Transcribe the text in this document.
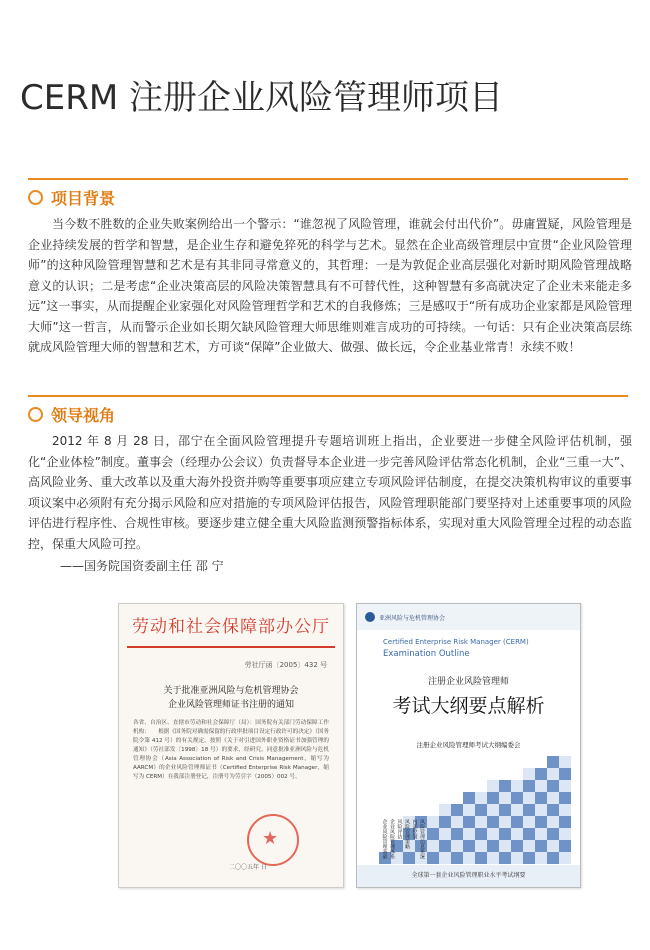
CERM 注册企业风险管理师项目
项目背景

当今数不胜数的企业失败案例给出一个警示：“谁忽视了风险管理，谁就会付出代价”。毋庸置疑，风险管理是企业持续发展的哲学和智慧，是企业生存和避免猝死的科学与艺术。显然在企业高级管理层中宣贯“企业风险管理师”的这种风险管理智慧和艺术是有其非同寻常意义的，其哲理：一是为敦促企业高层强化对新时期风险管理战略意义的认识；二是考虑“企业决策高层的风险决策智慧具有不可替代性，这种智慧有多高就决定了企业未来能走多远”这一事实，从而提醒企业家强化对风险管理哲学和艺术的自我修炼；三是感叹于“所有成功企业家都是风险管理大师”这一哲言，从而警示企业如长期欠缺风险管理大师思维则难言成功的可持续。一句话：只有企业决策高层练就成风险管理大师的智慧和艺术，方可谈“保障”企业做大、做强、做长远，令企业基业常青！永续不败！

领导视角

2012 年 8 月 28 日，邵宁在全面风险管理提升专题培训班上指出，企业要进一步健全风险评估机制，强化“企业体检”制度。董事会（经理办公会议）负责督导本企业进一步完善风险评估常态化机制，企业“三重一大”、高风险业务、重大改革以及重大海外投资并购等重要事项应建立专项风险评估制度，在提交决策机构审议的重要事项议案中必须附有充分揭示风险和应对措施的专项风险评估报告，风险管理职能部门要坚持对上述重要事项的风险评估进行程序性、合规性审核。要逐步建立健全重大风险监测预警指标体系，实现对重大风险管理全过程的动态监控，保重大风险可控。

——国务院国资委副主任 邵 宁
劳动和社会保障部办公厅
劳社厅函〔2005〕432 号
关于批准亚洲风险与危机管理协会
企业风险管理师证书注册的通知
各省、自治区、直辖市劳动和社会保障厅（局）：国务院有关部门劳动保障工作机构：　　根据《国务院对确需保留的行政审批项目设定行政许可的决定》（国务院令第 412 号）的有关规定，按照《关于对引进国外职业资格证书加强管理的通知》（劳社部发〔1998〕18 号）的要求，经研究，同意批准亚洲风险与危机管理协会（Asia Association of Risk and Crisis Management，缩写为 AARCM）的企业风险管理师证书（Certified Enterprise Risk Manager，缩写为 CERM）在我部注册登记，注册号为劳引字（2005）002 号。
★
二〇〇五年 日
亚洲风险与危机管理协会
Certified Enterprise Risk Manager (CERM)
Examination Outline
注册企业风险管理师
考试大纲要点解析
注册企业风险管理师考试大纲编委会
企业风险管理基础 企业风险管理体系 风险评估 风险管理策略 内部控制 风险管理信息系统
全球第一套企业风险管理职业水平考试纲要
